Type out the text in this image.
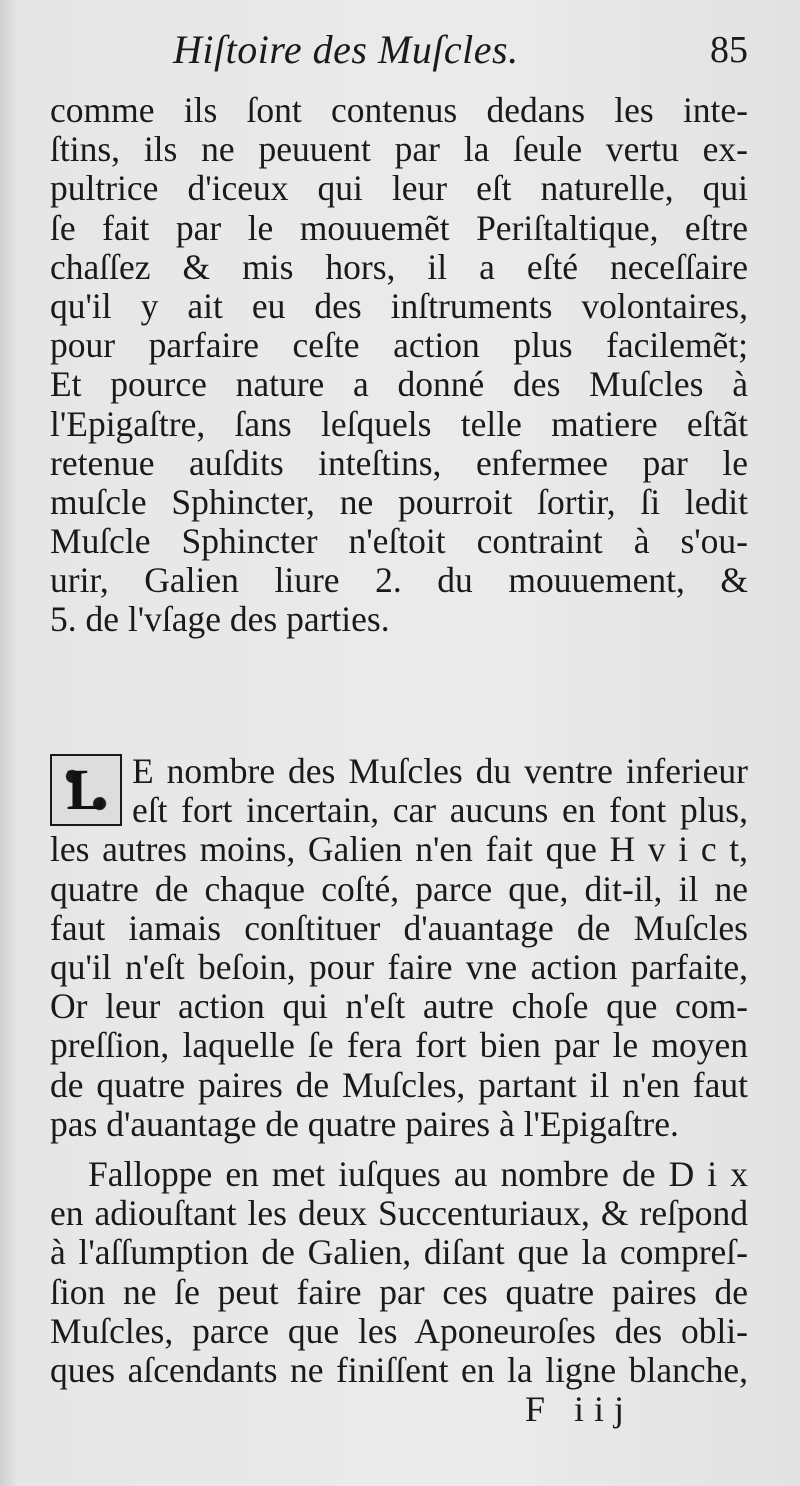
Hiſtoire des Muſcles.	85
comme ils ſont contenus dedans les inte-
ſtins, ils ne peuuent par la ſeule vertu ex-
pultrice d'iceux qui leur eſt naturelle, qui
ſe fait par le mouuemẽt Periſtaltique, eſtre
chaſſez & mis hors, il a eſté neceſſaire
qu'il y ait eu des inſtruments volontaires,
pour parfaire ceſte action plus facilemẽt;
Et pource nature a donné des Muſcles à
l'Epigaſtre, ſans leſquels telle matiere eſtãt
retenue auſdits inteſtins, enfermee par le
muſcle Sphincter, ne pourroit ſortir, ſi ledit
Muſcle Sphincter n'eſtoit contraint à s'ou-
urir, Galien liure 2. du mouuement, &
5. de l'vſage des parties.
L E nombre des Muſcles du ventre inferieur
eſt fort incertain, car aucuns en font plus,
les autres moins, Galien n'en fait que H v i c t,
quatre de chaque coſté, parce que, dit-il, il ne
faut iamais conſtituer d'auantage de Muſcles
qu'il n'eſt beſoin, pour faire vne action parfaite,
Or leur action qui n'eſt autre choſe que com-
preſſion, laquelle ſe fera fort bien par le moyen
de quatre paires de Muſcles, partant il n'en faut
pas d'auantage de quatre paires à l'Epigaſtre.
Falloppe en met iuſques au nombre de D i x
en adiouſtant les deux Succenturiaux, & reſpond
à l'aſſumption de Galien, diſant que la compreſ-
ſion ne ſe peut faire par ces quatre paires de
Muſcles, parce que les Aponeuroſes des obli-
ques aſcendants ne finiſſent en la ligne blanche,
F iij
